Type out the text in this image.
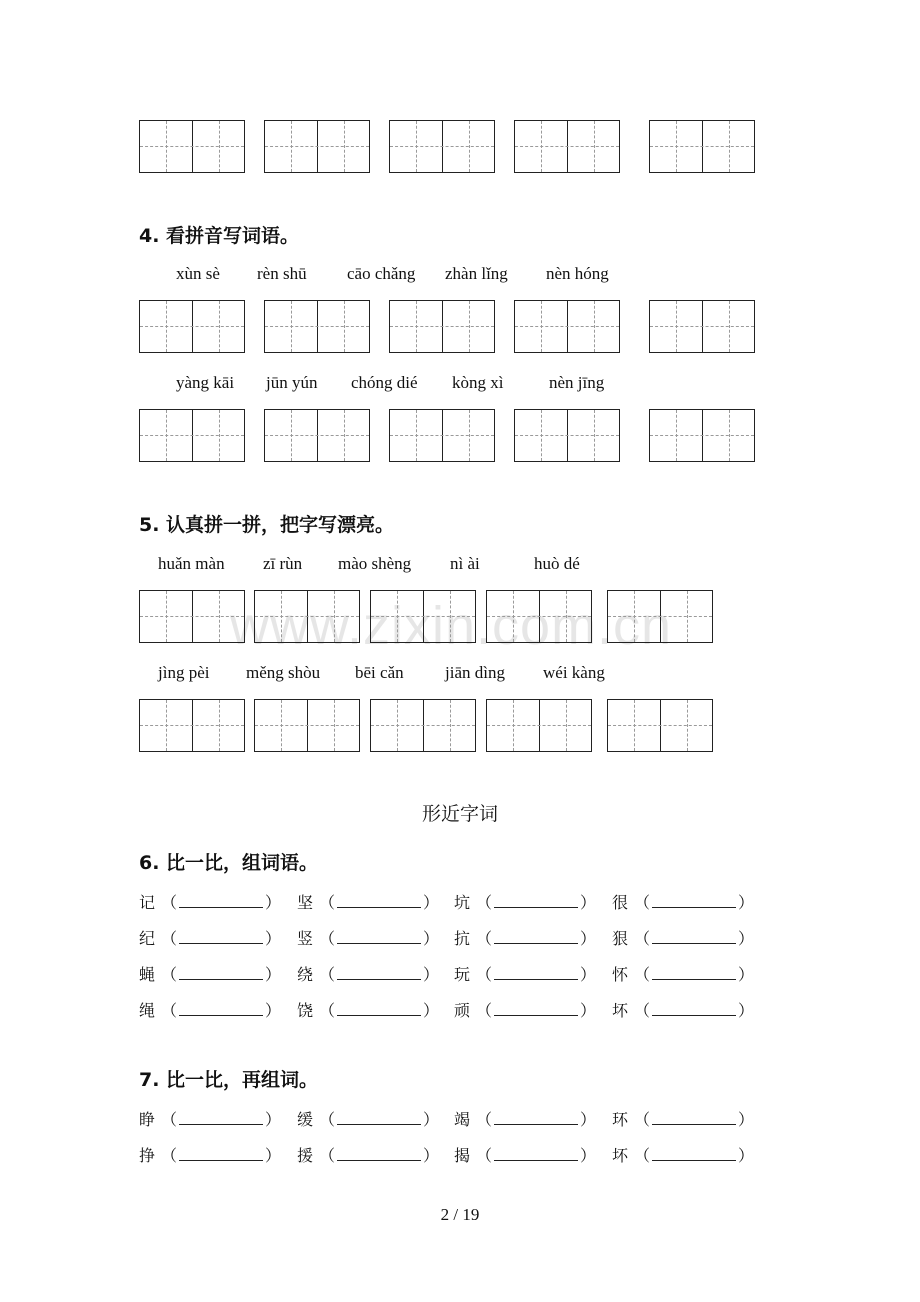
www.zixin.com.cn
4. 看拼音写词语。
xùn sè rèn shū cāo chǎng zhàn lǐng nèn hóng
yàng kāi jūn yún chóng dié kòng xì	nèn jīng
5. 认真拼一拼，把字写漂亮。
huǎn màn zī rùn mào shèng nì ài	huò dé
jìng pèi měng shòu bēi cǎn jiān dìng wéi kàng
形近字词
6. 比一比，组词语。
记 （	） 坚 （	） 坑 （	） 很 （	）
纪 （	） 竖 （	） 抗 （	） 狠 （	）
蝇 （	） 绕 （	） 玩 （	） 怀 （	）
绳 （	） 饶 （	） 顽 （	） 坏 （	）
7. 比一比，再组词。
睁 （	） 缓 （	） 竭 （	） 环 （	）
挣 （	） 援 （	） 揭 （	） 坏 （	）
2 / 19
